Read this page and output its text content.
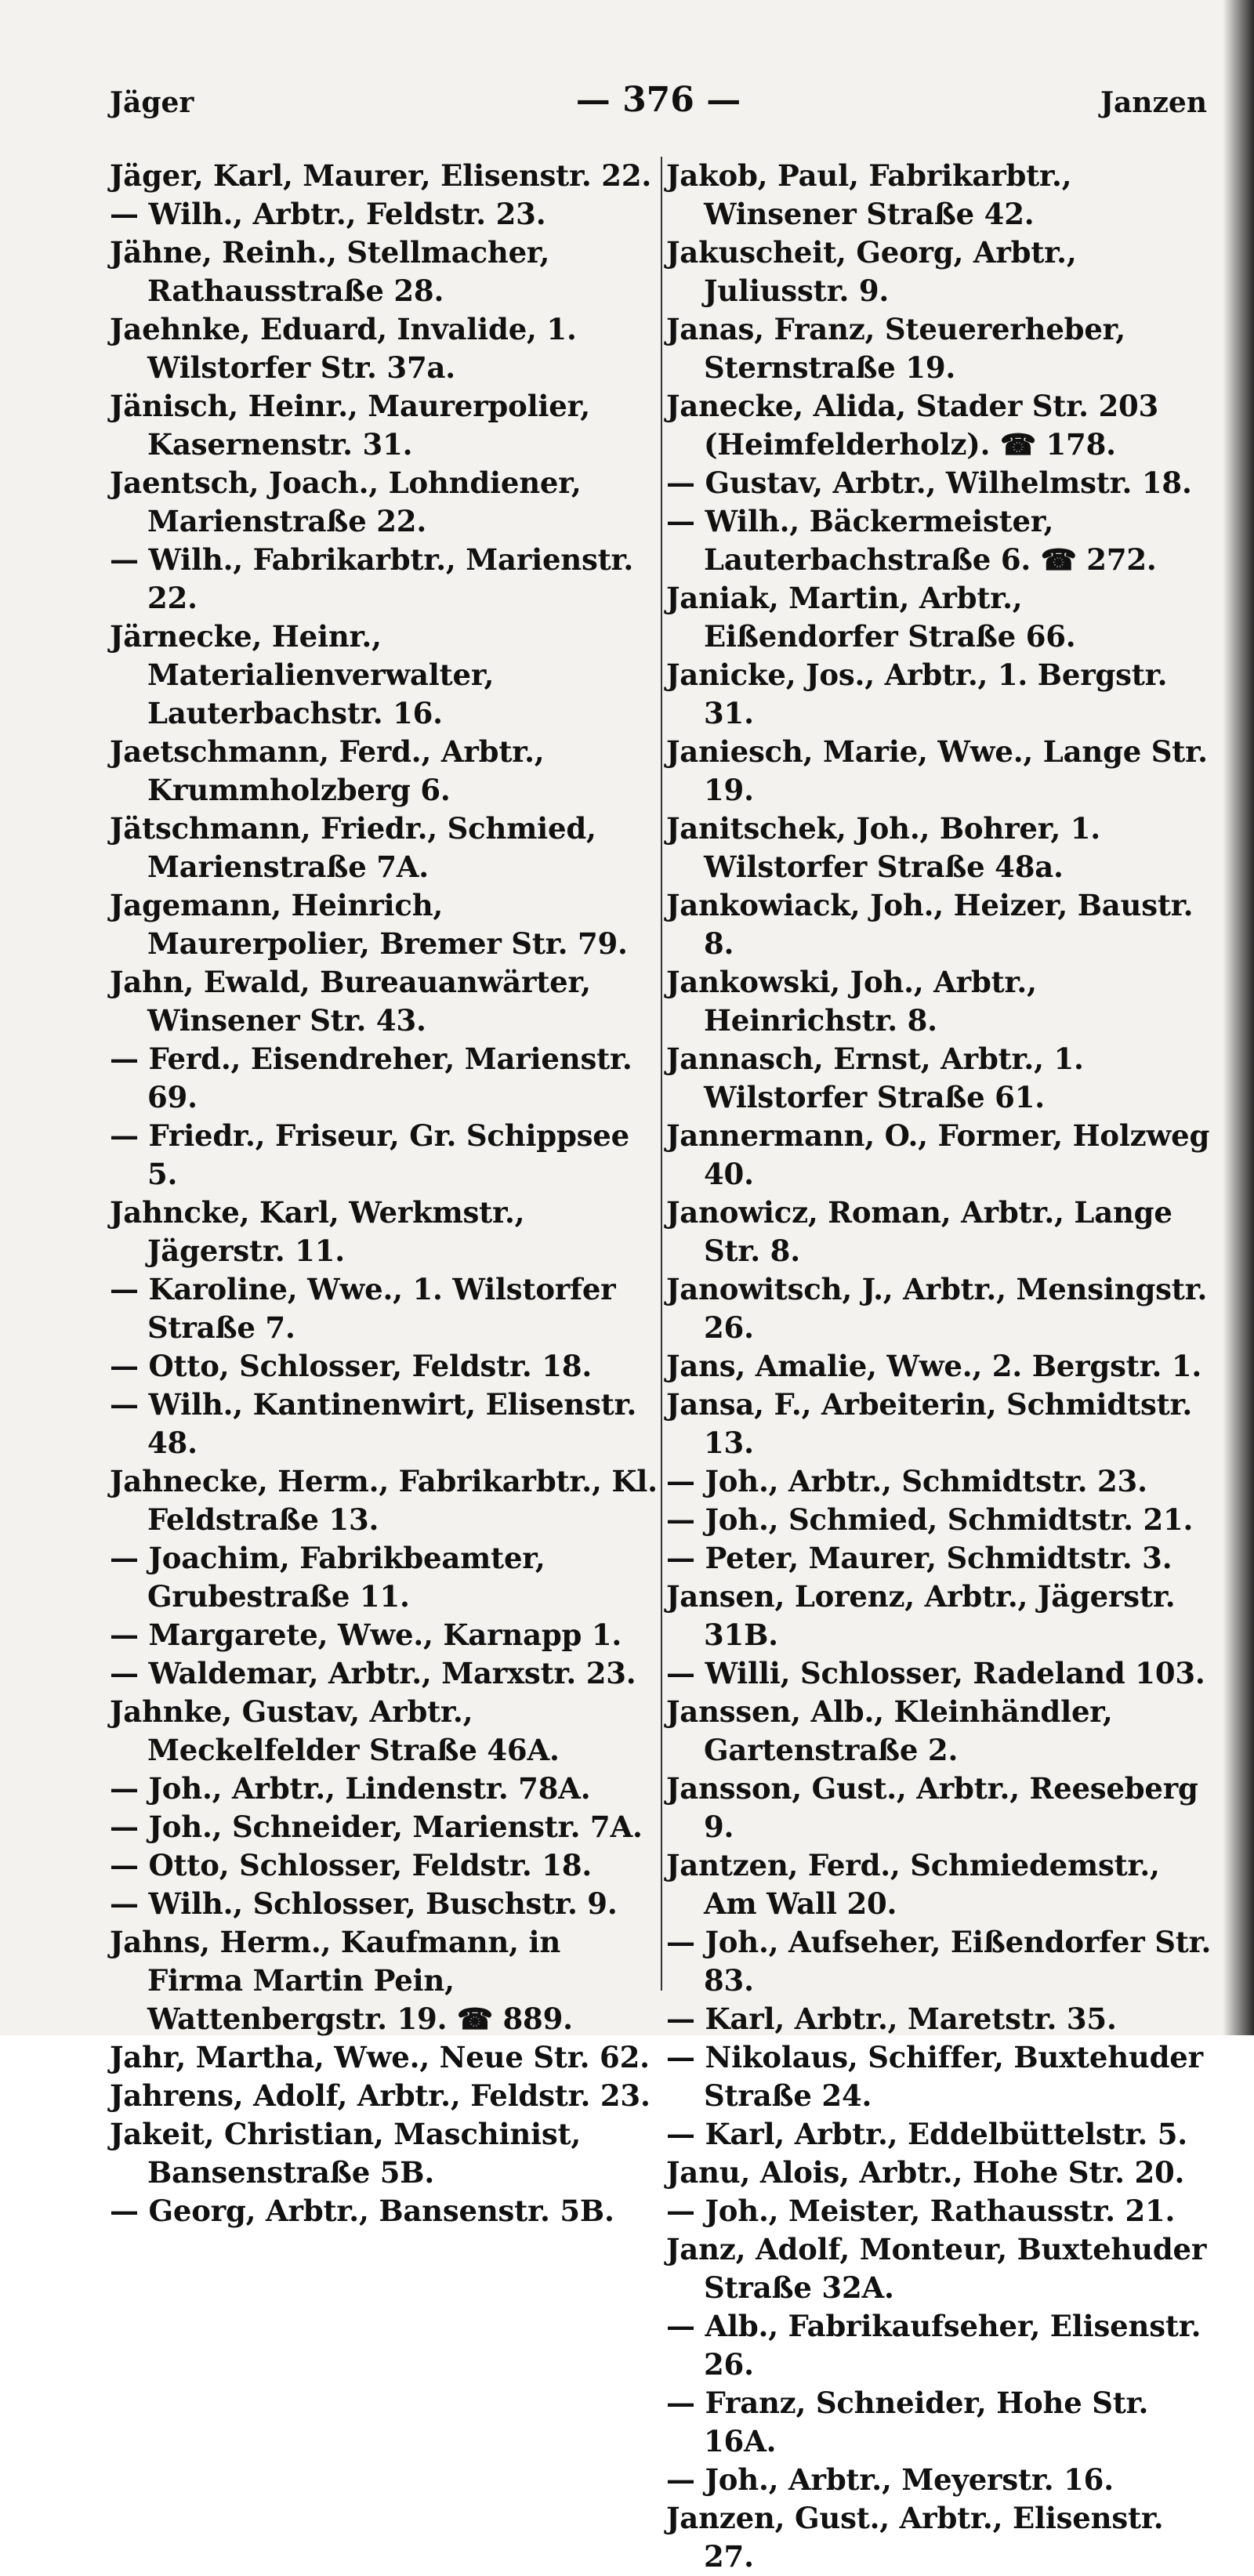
Jäger	— 376 —	Janzen

Jäger, Karl, Maurer, Elisenstr. 22.

— Wilh., Arbtr., Feldstr. 23.

Jähne, Reinh., Stellmacher, Rathausstraße 28.

Jaehnke, Eduard, Invalide, 1. Wilstorfer Str. 37a.

Jänisch, Heinr., Maurerpolier, Kasernenstr. 31.

Jaentsch, Joach., Lohndiener, Marienstraße 22.

— Wilh., Fabrikarbtr., Marienstr. 22.

Järnecke, Heinr., Materialienverwalter, Lauterbachstr. 16.

Jaetschmann, Ferd., Arbtr., Krummholzberg 6.

Jätschmann, Friedr., Schmied, Marienstraße 7A.

Jagemann, Heinrich, Maurerpolier, Bremer Str. 79.

Jahn, Ewald, Bureauanwärter, Winsener Str. 43.

— Ferd., Eisendreher, Marienstr. 69.

— Friedr., Friseur, Gr. Schippsee 5.

Jahncke, Karl, Werkmstr., Jägerstr. 11.

— Karoline, Wwe., 1. Wilstorfer Straße 7.

— Otto, Schlosser, Feldstr. 18.

— Wilh., Kantinenwirt, Elisenstr. 48.

Jahnecke, Herm., Fabrikarbtr., Kl. Feldstraße 13.

— Joachim, Fabrikbeamter, Grubestraße 11.

— Margarete, Wwe., Karnapp 1.

— Waldemar, Arbtr., Marxstr. 23.

Jahnke, Gustav, Arbtr., Meckelfelder Straße 46A.

— Joh., Arbtr., Lindenstr. 78A.

— Joh., Schneider, Marienstr. 7A.

— Otto, Schlosser, Feldstr. 18.

— Wilh., Schlosser, Buschstr. 9.

Jahns, Herm., Kaufmann, in Firma Martin Pein, Wattenbergstr. 19. ☎ 889.

Jahr, Martha, Wwe., Neue Str. 62.

Jahrens, Adolf, Arbtr., Feldstr. 23.

Jakeit, Christian, Maschinist, Bansenstraße 5B.

— Georg, Arbtr., Bansenstr. 5B.

Jakob, Paul, Fabrikarbtr., Winsener Straße 42.

Jakuscheit, Georg, Arbtr., Juliusstr. 9.

Janas, Franz, Steuererheber, Sternstraße 19.

Janecke, Alida, Stader Str. 203 (Heimfelderholz). ☎ 178.

— Gustav, Arbtr., Wilhelmstr. 18.

— Wilh., Bäckermeister, Lauterbachstraße 6. ☎ 272.

Janiak, Martin, Arbtr., Eißendorfer Straße 66.

Janicke, Jos., Arbtr., 1. Bergstr. 31.

Janiesch, Marie, Wwe., Lange Str. 19.

Janitschek, Joh., Bohrer, 1. Wilstorfer Straße 48a.

Jankowiack, Joh., Heizer, Baustr. 8.

Jankowski, Joh., Arbtr., Heinrichstr. 8.

Jannasch, Ernst, Arbtr., 1. Wilstorfer Straße 61.

Jannermann, O., Former, Holzweg 40.

Janowicz, Roman, Arbtr., Lange Str. 8.

Janowitsch, J., Arbtr., Mensingstr. 26.

Jans, Amalie, Wwe., 2. Bergstr. 1.

Jansa, F., Arbeiterin, Schmidtstr. 13.

— Joh., Arbtr., Schmidtstr. 23.

— Joh., Schmied, Schmidtstr. 21.

— Peter, Maurer, Schmidtstr. 3.

Jansen, Lorenz, Arbtr., Jägerstr. 31B.

— Willi, Schlosser, Radeland 103.

Janssen, Alb., Kleinhändler, Gartenstraße 2.

Jansson, Gust., Arbtr., Reeseberg 9.

Jantzen, Ferd., Schmiedemstr., Am Wall 20.

— Joh., Aufseher, Eißendorfer Str. 83.

— Karl, Arbtr., Maretstr. 35.

— Nikolaus, Schiffer, Buxtehuder Straße 24.

— Karl, Arbtr., Eddelbüttelstr. 5.

Janu, Alois, Arbtr., Hohe Str. 20.

— Joh., Meister, Rathausstr. 21.

Janz, Adolf, Monteur, Buxtehuder Straße 32A.

— Alb., Fabrikaufseher, Elisenstr. 26.

— Franz, Schneider, Hohe Str. 16A.

— Joh., Arbtr., Meyerstr. 16.

Janzen, Gust., Arbtr., Elisenstr. 27.
